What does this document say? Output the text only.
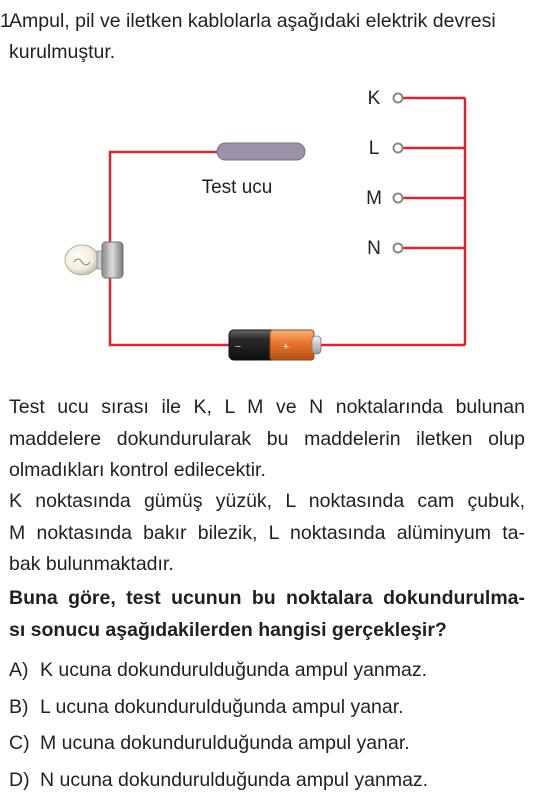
1Ampul, pil ve iletken kablolarla aşağıdaki elektrik devresi
kurulmuştur.
Test ucu
K
L
M
N
+
−

Test ucu sırası ile K, L M ve N noktalarında bulunan
maddelere dokundurularak bu maddelerin iletken olup
olmadıkları kontrol edilecektir.

K noktasında gümüş yüzük, L noktasında cam çubuk,
M noktasında bakır bilezik, L noktasında alüminyum ta-
bak bulunmaktadır.

Buna göre, test ucunun bu noktalara dokundurulma-
sı sonucu aşağıdakilerden hangisi gerçekleşir?

A) K ucuna dokundurulduğunda ampul yanmaz.
B) L ucuna dokundurulduğunda ampul yanar.
C) M ucuna dokundurulduğunda ampul yanar.
D) N ucuna dokundurulduğunda ampul yanmaz.
